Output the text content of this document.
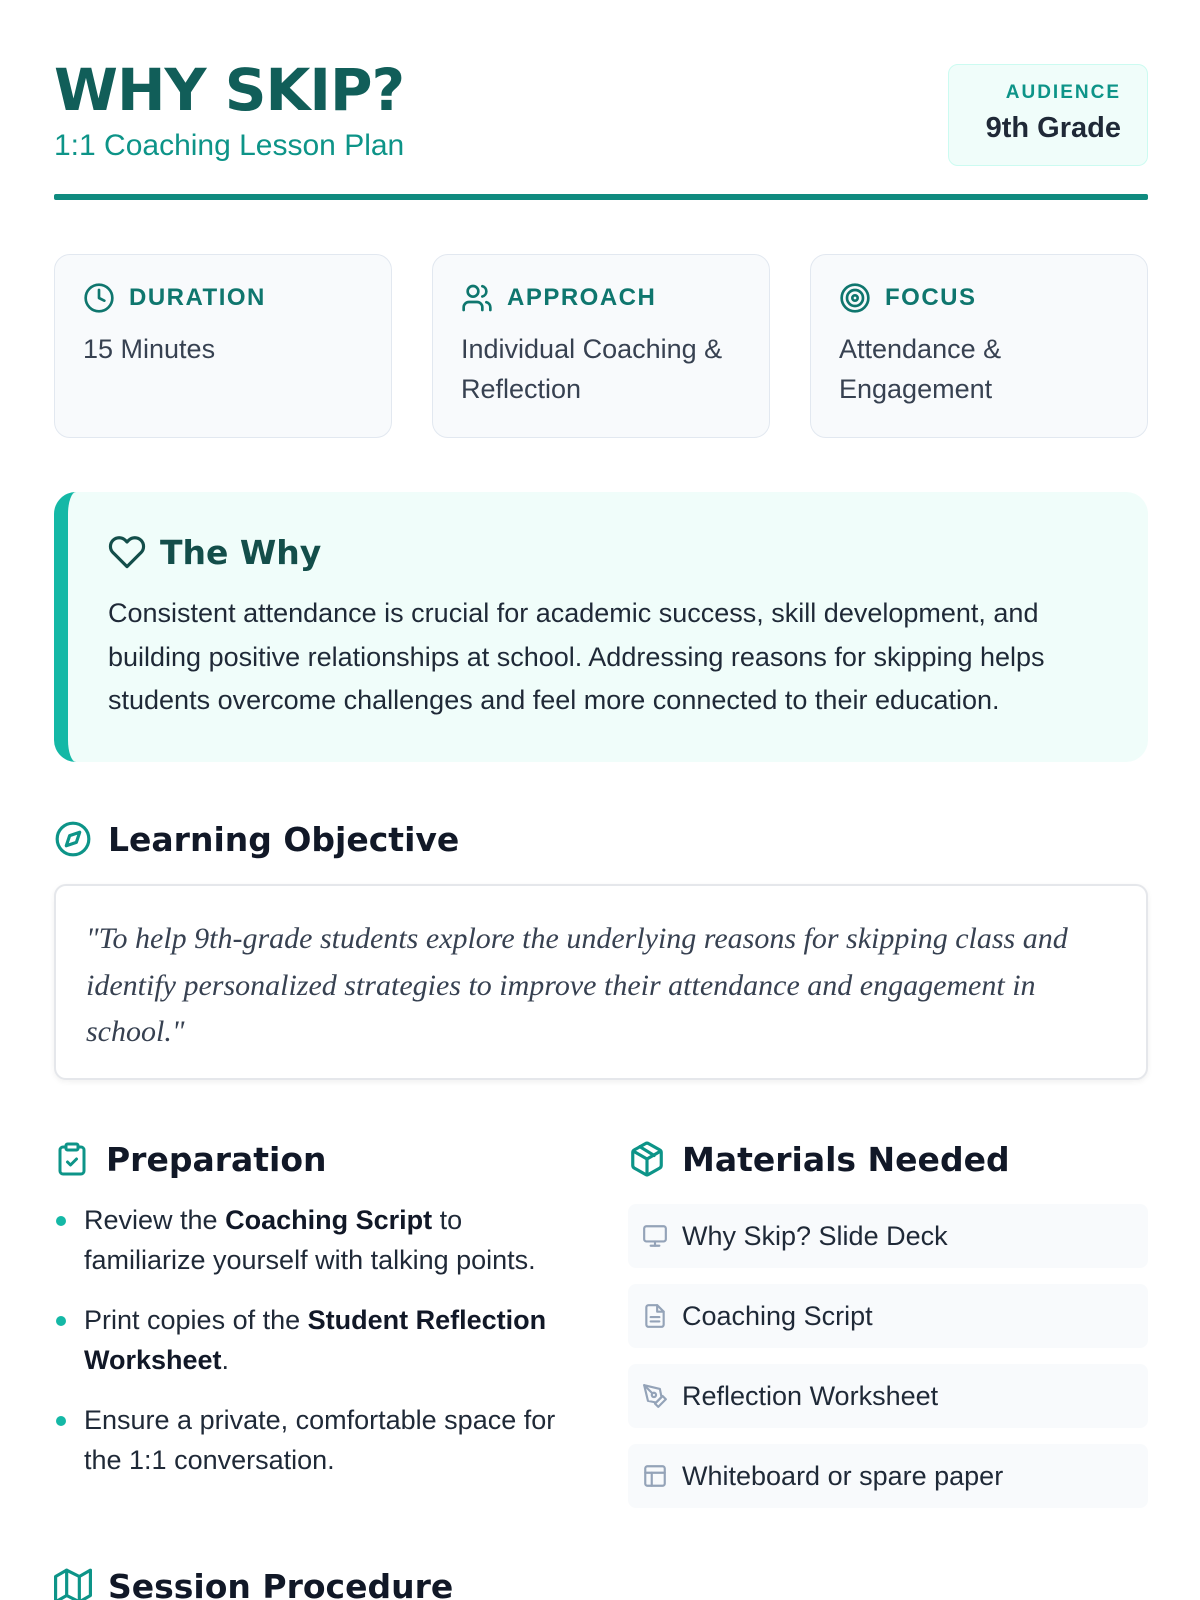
WHY SKIP?
1:1 Coaching Lesson Plan
AUDIENCE
9th Grade
DURATION
15 Minutes
APPROACH
Individual Coaching & Reflection
FOCUS
Attendance & Engagement
The Why
Consistent attendance is crucial for academic success, skill development, and building positive relationships at school. Addressing reasons for skipping helps students overcome challenges and feel more connected to their education.
Learning Objective
"To help 9th-grade students explore the underlying reasons for skipping class and identify personalized strategies to improve their attendance and engagement in school."
Preparation
Review the Coaching Script to familiarize yourself with talking points.
Print copies of the Student Reflection Worksheet.
Ensure a private, comfortable space for the 1:1 conversation.
Materials Needed
Why Skip? Slide Deck
Coaching Script
Reflection Worksheet
Whiteboard or spare paper
Session Procedure
